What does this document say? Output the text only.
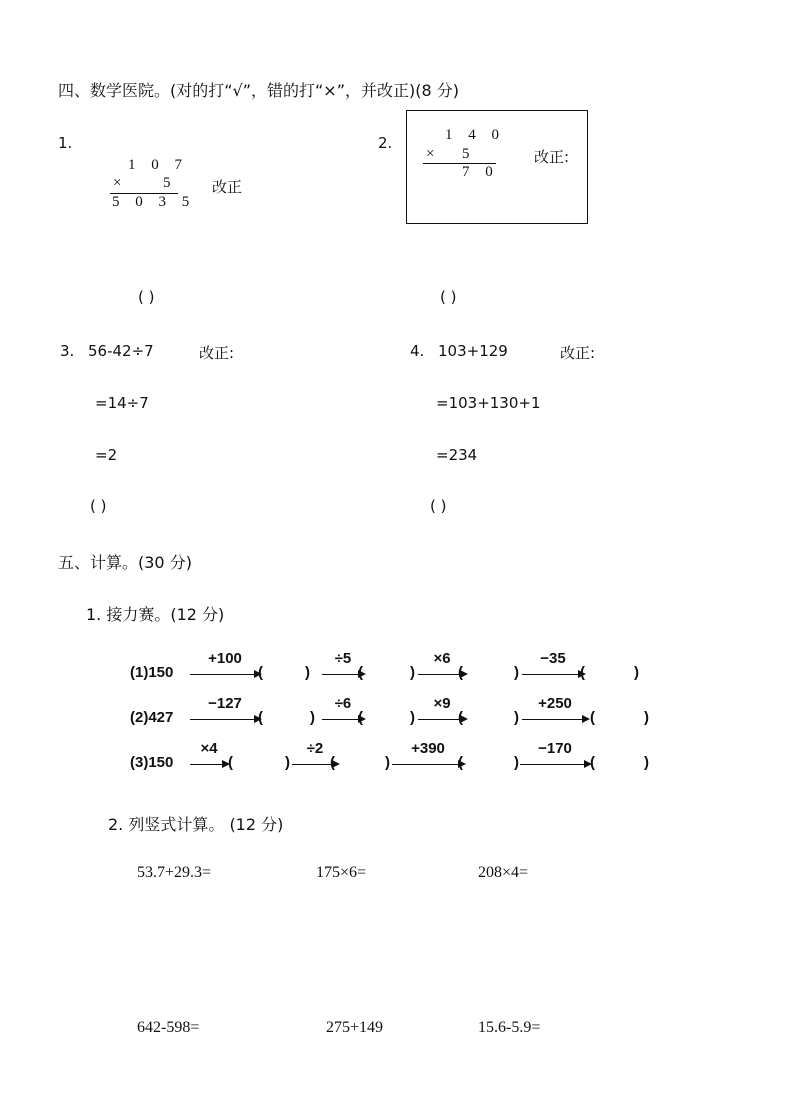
四、数学医院。(对的打“√”，错的打“×”，并改正)(8 分)
1.
1 0 7
× 5
5 0 3 5
改正
( )
2.	1 4 0
× 5
7 0
改正:
( )
3. 56-42÷7	改正:
=14÷7
=2
( )
4. 103+129	改正:
=103+130+1
=234
( )
五、计算。(30 分)
1. 接力赛。(12 分)
(1)150
+100
(	)
÷5
(	)
×6
(	)
−35
(	)
(2)427
−127
(	)
÷6
(	)
×9
(	)
+250
(	)
(3)150
×4
(	)
÷2
(	)
+390
(	)
−170
(	)
2. 列竖式计算。 (12 分)
53.7+29.3=	175×6=	208×4=
642-598=	275+149	15.6-5.9=
